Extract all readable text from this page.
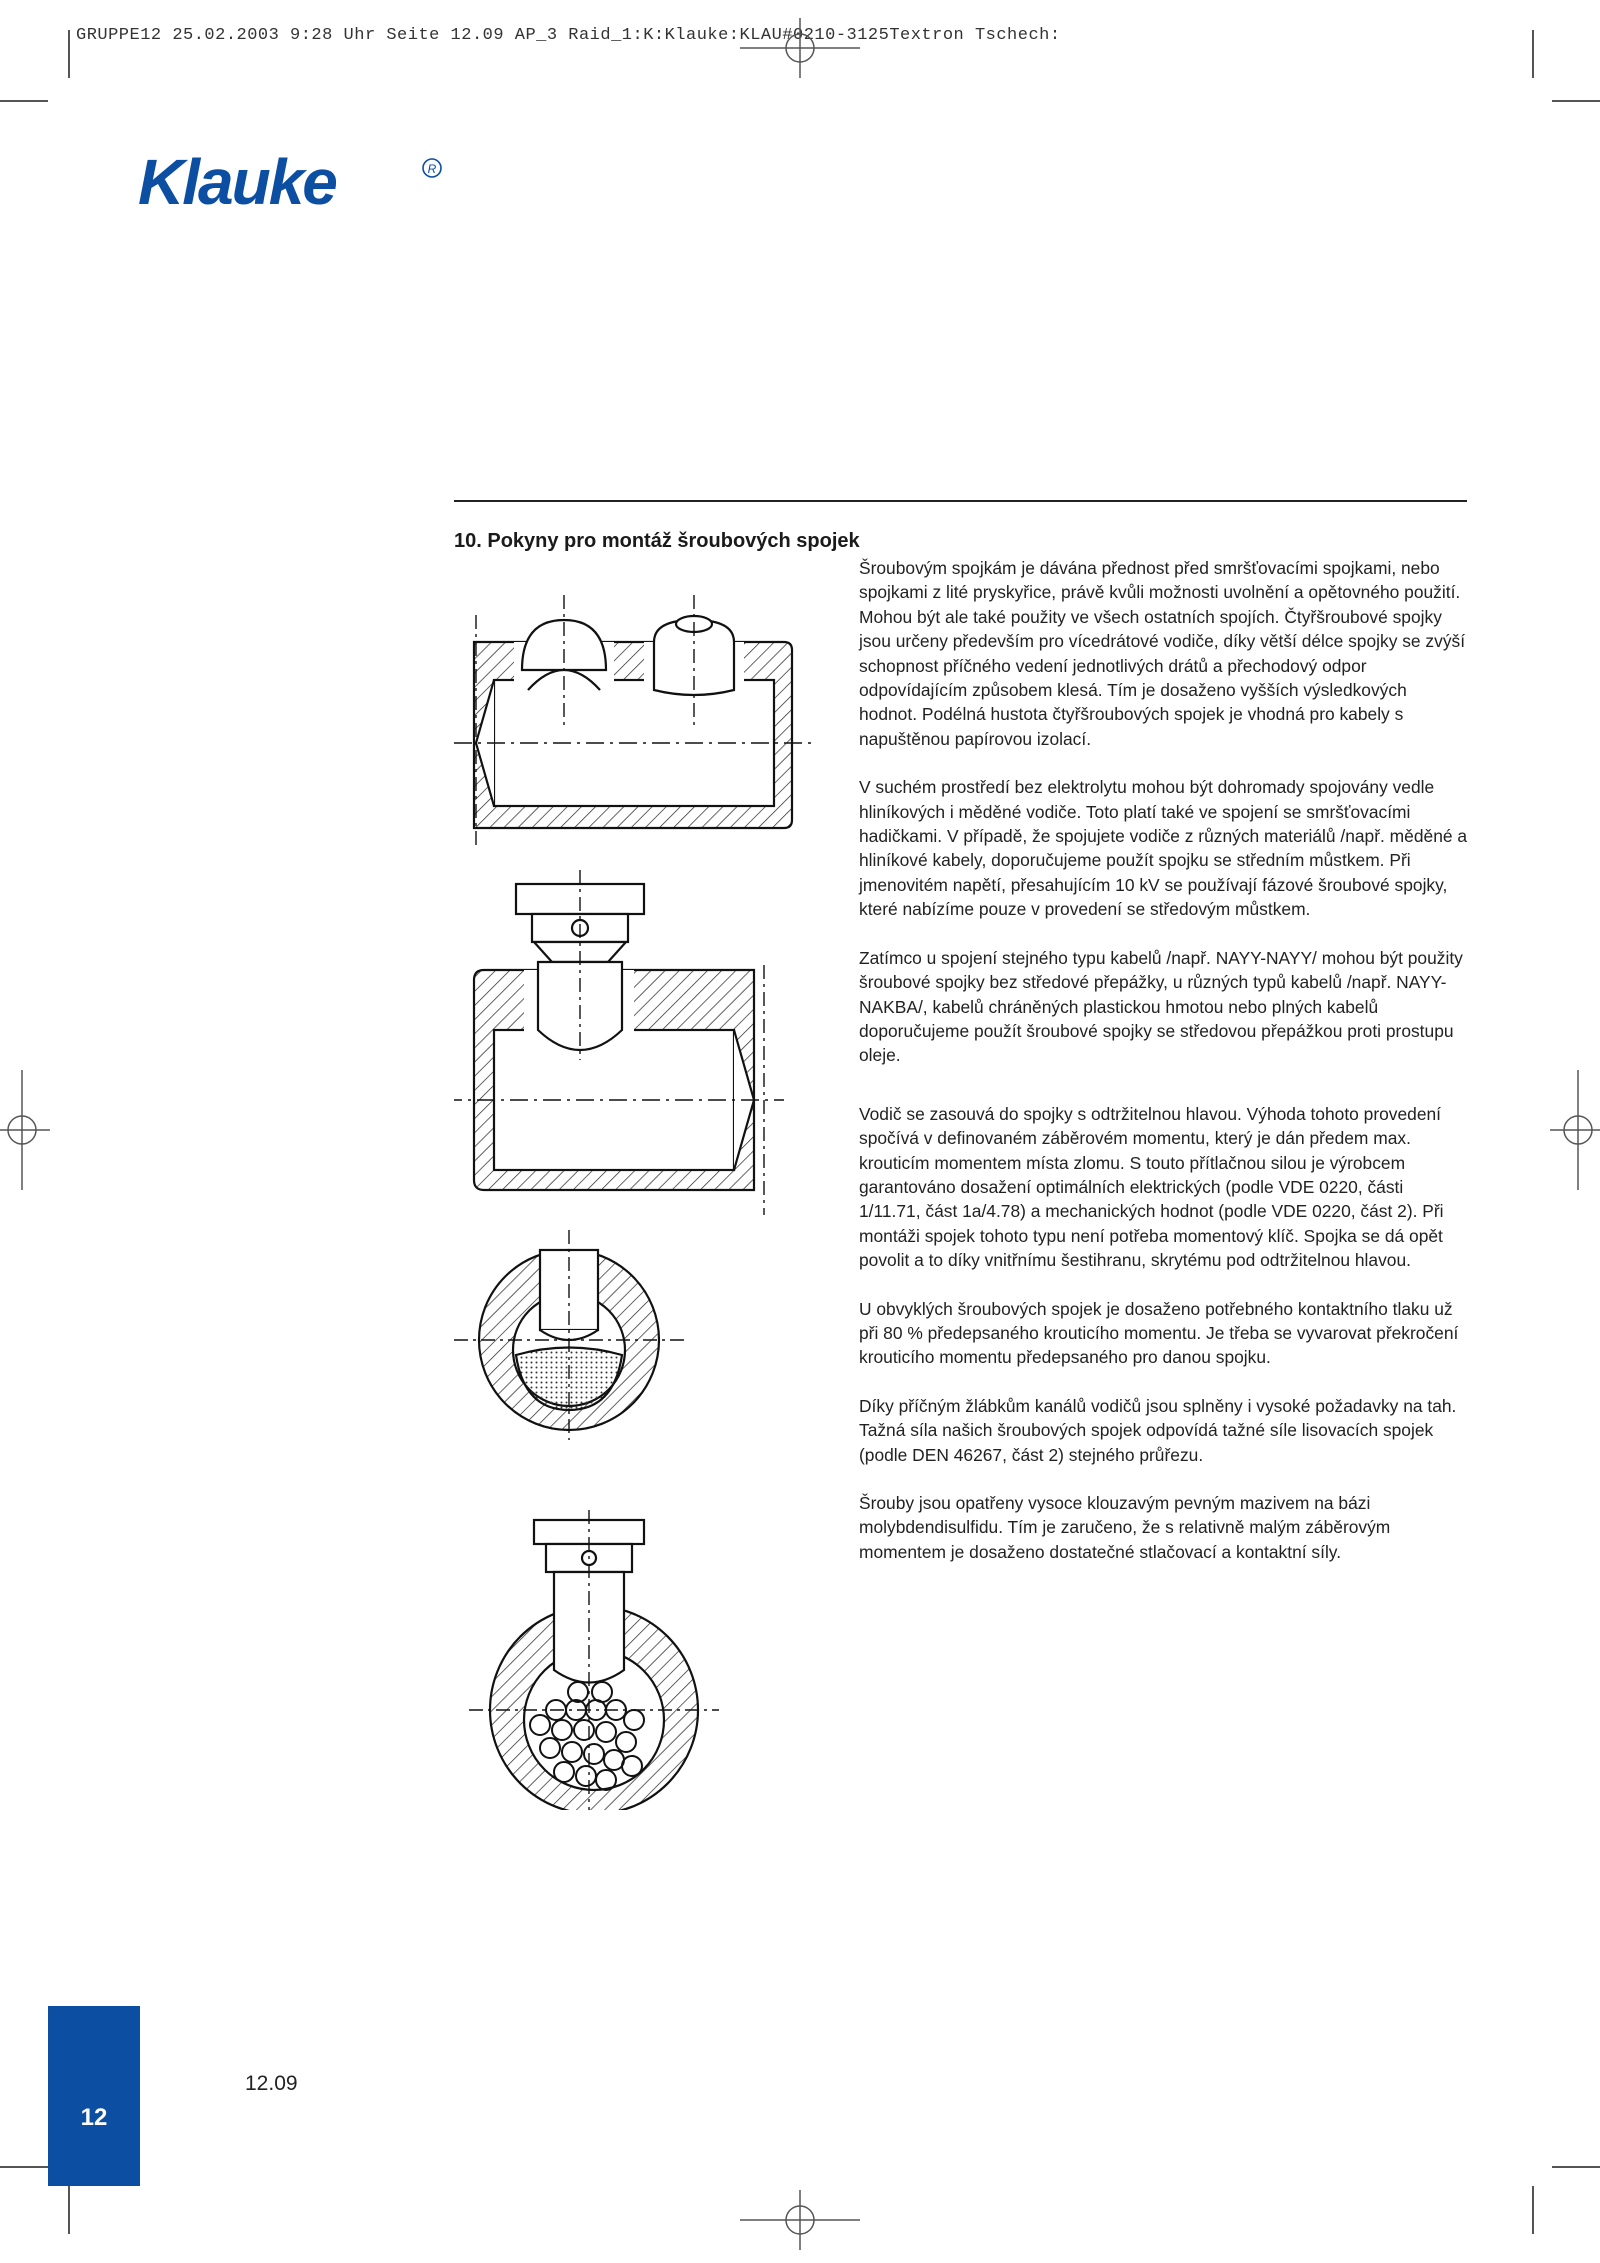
GRUPPE12 25.02.2003 9:28 Uhr Seite 12.09 AP_3 Raid_1:K:Klauke:KLAU#0210-3125Textron Tschech:
Klauke	R
10. Pokyny pro montáž šroubových spojek

Šroubovým spojkám je dávána přednost před smršťovacími spojkami, nebo spojkami z lité pryskyřice, právě kvůli možnosti uvolnění a opětovného použití. Mohou být ale také použity ve všech ostatních spojích. Čtyřšroubové spojky jsou určeny především pro vícedrátové vodiče, díky větší délce spojky se zvýší schopnost příčného vedení jednotlivých drátů a přechodový odpor odpovídajícím způsobem klesá. Tím je dosaženo vyšších výsledkových hodnot. Podélná hustota čtyřšroubových spojek je vhodná pro kabely s napuštěnou papírovou izolací.

V suchém prostředí bez elektrolytu mohou být dohromady spojovány vedle hliníkových i měděné vodiče. Toto platí také ve spojení se smršťovacími hadičkami. V případě, že spojujete vodiče z různých materiálů /např. měděné a hliníkové kabely, doporučujeme použít spojku se středním můstkem. Při jmenovitém napětí, přesahujícím 10 kV se používají fázové šroubové spojky, které nabízíme pouze v provedení se středovým můstkem.

Zatímco u spojení stejného typu kabelů /např. NAYY-NAYY/ mohou být použity šroubové spojky bez středové přepážky, u různých typů kabelů /např. NAYY-NAKBA/, kabelů chráněných plastickou hmotou nebo plných kabelů doporučujeme použít šroubové spojky se středovou přepážkou proti prostupu oleje.

Vodič se zasouvá do spojky s odtržitelnou hlavou. Výhoda tohoto provedení spočívá v definovaném záběrovém momentu, který je dán předem max. krouticím momentem místa zlomu. S touto přítlačnou silou je výrobcem garantováno dosažení optimálních elektrických (podle VDE 0220, části 1/11.71, část 1a/4.78) a mechanických hodnot (podle VDE 0220, část 2). Při montáži spojek tohoto typu není potřeba momentový klíč. Spojka se dá opět povolit a to díky vnitřnímu šestihranu, skrytému pod odtržitelnou hlavou.

U obvyklých šroubových spojek je dosaženo potřebného kontaktního tlaku už při 80 % předepsaného krouticího momentu. Je třeba se vyvarovat překročení krouticího momentu předepsaného pro danou spojku.

Díky příčným žlábkům kanálů vodičů jsou splněny i vysoké požadavky na tah. Tažná síla našich šroubových spojek odpovídá tažné síle lisovacích spojek (podle DEN 46267, část 2) stejného průřezu.

Šrouby jsou opatřeny vysoce klouzavým pevným mazivem na bázi molybdendisulfidu. Tím je zaručeno, že s relativně malým záběrovým momentem je dosaženo dostatečné stlačovací a kontaktní síly.

12
12.09
